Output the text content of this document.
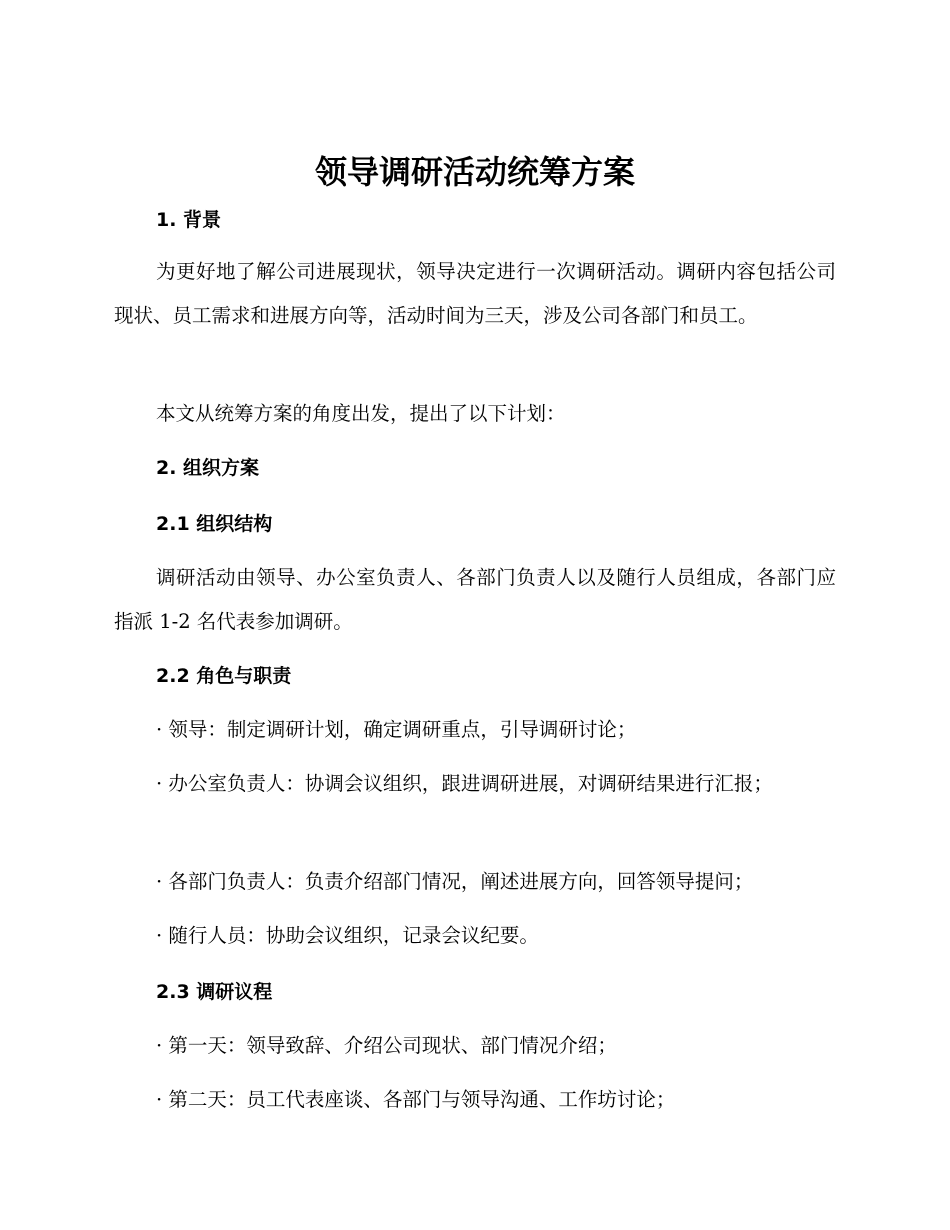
领导调研活动统筹方案
1. 背景

为更好地了解公司进展现状，领导决定进行一次调研活动。调研内容包括公司现状、员工需求和进展方向等，活动时间为三天，涉及公司各部门和员工。

本文从统筹方案的角度出发，提出了以下计划：

2. 组织方案
2.1 组织结构

调研活动由领导、办公室负责人、各部门负责人以及随行人员组成，各部门应指派 1-2 名代表参加调研。

2.2 角色与职责

· 领导：制定调研计划，确定调研重点，引导调研讨论；

· 办公室负责人：协调会议组织，跟进调研进展，对调研结果进行汇报；

· 各部门负责人：负责介绍部门情况，阐述进展方向，回答领导提问；

· 随行人员：协助会议组织，记录会议纪要。

2.3 调研议程

· 第一天：领导致辞、介绍公司现状、部门情况介绍；

· 第二天：员工代表座谈、各部门与领导沟通、工作坊讨论；
